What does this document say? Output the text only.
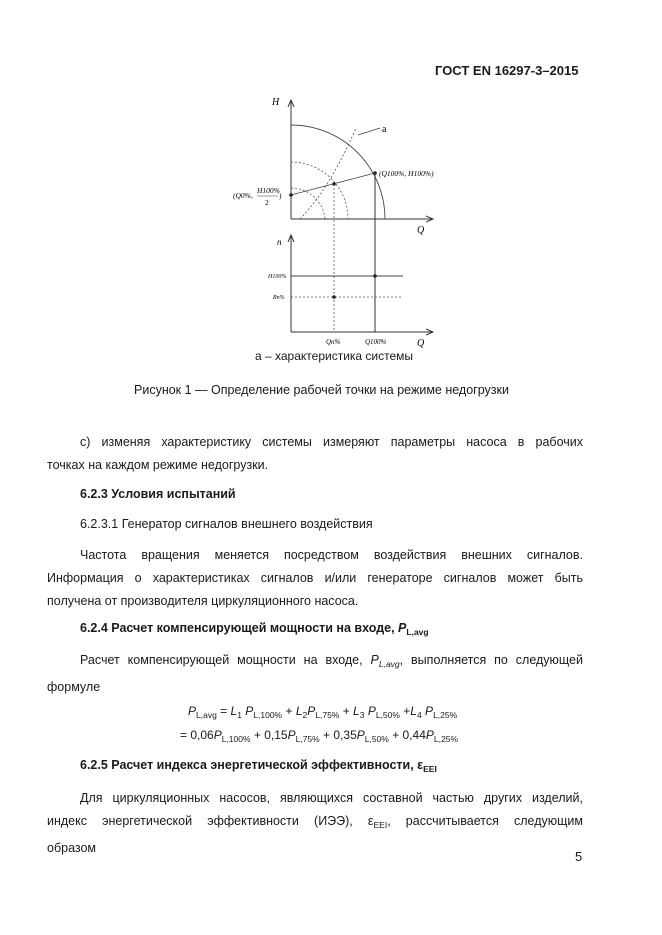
ГОСТ EN 16297-3–2015
H
Q
a
(Q100%, H100%)
(Q0%,
H100%
2
)
n
Q
H100%
Rn%
Qn%	Q100%
а – характеристика системы
Рисунок 1 — Определение рабочей точки на режиме недогрузки
c) изменяя характеристику системы измеряют параметры насоса в рабочих
точках на каждом режиме недогрузки.
6.2.3 Условия испытаний
6.2.3.1 Генератор сигналов внешнего воздействия
Частота вращения меняется посредством воздействия внешних сигналов.
Информация о характеристиках сигналов и/или генераторе сигналов может быть
получена от производителя циркуляционного насоса.
6.2.4 Расчет компенсирующей мощности на входе, $P_{L,avg}$
Расчет компенсирующей мощности на входе, $P_{L,avg}$, выполняется по следующей
формуле
$P_{L,avg} = L_1$ $P_{L,100\%} + L_2P_{L,75\%} + L_3$ $P_{L,50\%} +L_4$ $P_{L,25\%}$
= $0,06P_{L,100\%} + 0,15P_{L,75\%} + 0,35P_{L,50\%} + 0,44P_{L,25\%}$
6.2.5 Расчет индекса энергетической эффективности, $\varepsilon_{EEI}$
Для циркуляционных насосов, являющихся составной частью других изделий,
индекс энергетической эффективности (ИЭЭ), $\varepsilon_{EEI}$, рассчитывается следующим
образом
5
